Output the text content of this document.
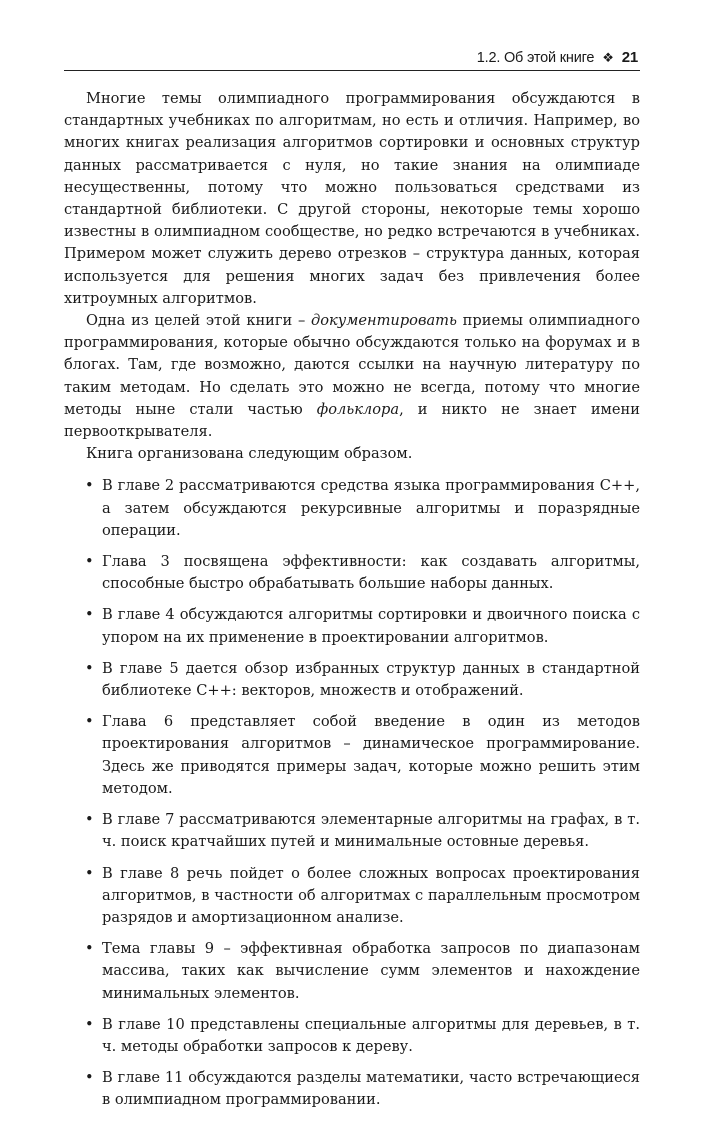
1.2. Об этой книге ❖ 21

Многие темы олимпиадного программирования обсуждаются в стандартных учебниках по алгоритмам, но есть и отличия. Например, во многих книгах реализация алгоритмов сортировки и основных структур данных рассматривается с нуля, но такие знания на олимпиаде несущественны, потому что можно пользоваться средствами из стандартной библиотеки. С другой стороны, некоторые темы хорошо известны в олимпиадном сообществе, но редко встречаются в учебниках. Примером может служить дерево отрезков – структура данных, которая используется для решения многих задач без привлечения более хитроумных алгоритмов.

Одна из целей этой книги – документировать приемы олимпиадного программирования, которые обычно обсуждаются только на форумах и в блогах. Там, где возможно, даются ссылки на научную литературу по таким методам. Но сделать это можно не всегда, потому что многие методы ныне стали частью фольклора, и никто не знает имени первооткрывателя.

Книга организована следующим образом.

• В главе 2 рассматриваются средства языка программирования C++, а затем обсуждаются рекурсивные алгоритмы и поразрядные операции.
• Глава 3 посвящена эффективности: как создавать алгоритмы, способные быстро обрабатывать большие наборы данных.
• В главе 4 обсуждаются алгоритмы сортировки и двоичного поиска с упором на их применение в проектировании алгоритмов.
• В главе 5 дается обзор избранных структур данных в стандартной библиотеке C++: векторов, множеств и отображений.
• Глава 6 представляет собой введение в один из методов проектирования алгоритмов – динамическое программирование. Здесь же приводятся примеры задач, которые можно решить этим методом.
• В главе 7 рассматриваются элементарные алгоритмы на графах, в т. ч. поиск кратчайших путей и минимальные остовные деревья.
• В главе 8 речь пойдет о более сложных вопросах проектирования алгоритмов, в частности об алгоритмах с параллельным просмотром разрядов и амортизационном анализе.
• Тема главы 9 – эффективная обработка запросов по диапазонам массива, таких как вычисление сумм элементов и нахождение минимальных элементов.
• В главе 10 представлены специальные алгоритмы для деревьев, в т. ч. методы обработки запросов к дереву.
• В главе 11 обсуждаются разделы математики, часто встречающиеся в олимпиадном программировании.
